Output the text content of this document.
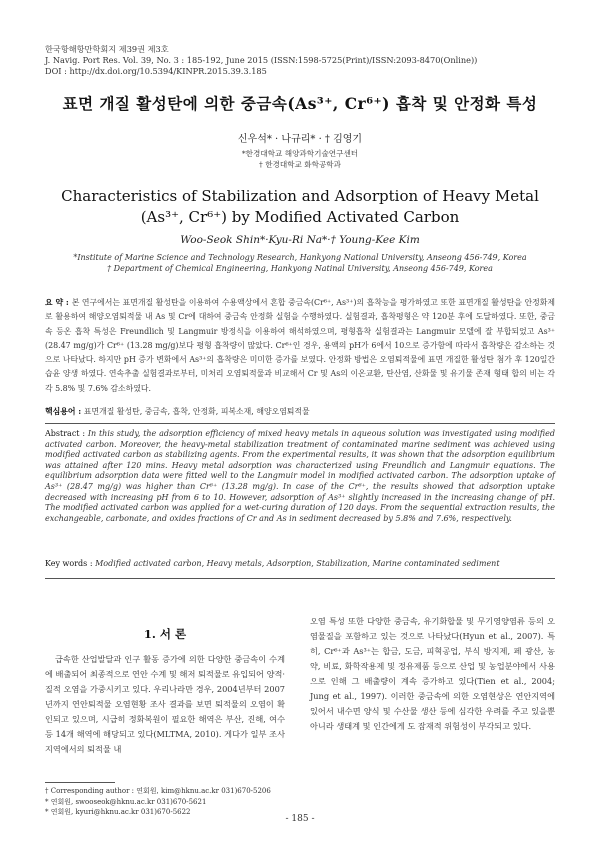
한국항해항만학회지 제39권 제3호
J. Navig. Port Res. Vol. 39, No. 3 : 185-192, June 2015 (ISSN:1598-5725(Print)/ISSN:2093-8470(Online))
DOI : http://dx.doi.org/10.5394/KINPR.2015.39.3.185
표면 개질 활성탄에 의한 중금속(As³⁺, Cr⁶⁺) 흡착 및 안정화 특성
신우석* · 나규리* · † 김영기
*한경대학교 해양과학기술연구센터
† 한경대학교 화학공학과
Characteristics of Stabilization and Adsorption of Heavy Metal (As³⁺, Cr⁶⁺) by Modified Activated Carbon
Woo-Seok Shin*·Kyu-Ri Na*·† Young-Kee Kim
*Institute of Marine Science and Technology Research, Hankyong National University, Anseong 456-749, Korea
† Department of Chemical Engineering, Hankyong Natinal University, Anseong 456-749, Korea
요 약 : 본 연구에서는 표면개질 활성탄을 이용하여 수용액상에서 혼합 중금속(Cr⁶⁺, As³⁺)의 흡착능을 평가하였고 또한 표면개질 활성탄을 안정화제로 활용하여 해양오염퇴적물 내 As 및 Cr에 대하여 중금속 안정화 실험을 수행하였다. 실험결과, 흡착평형은 약 120분 후에 도달하였다. 또한, 중금속 등온 흡착 특성은 Freundlich 및 Langmuir 방정식을 이용하여 해석하였으며, 평형흡착 실험결과는 Langmuir 모델에 잘 부합되었고 As³⁺ (28.47 mg/g)가 Cr⁶⁺ (13.28 mg/g)보다 평형 흡착량이 많았다. Cr⁶⁺인 경우, 용액의 pH가 6에서 10으로 증가함에 따라서 흡착량은 감소하는 것으로 나타났다. 하지만 pH 증가 변화에서 As³⁺의 흡착량은 미미한 증가를 보였다. 안정화 방법은 오염퇴적물에 표면 개질한 활성탄 첨가 후 120일간 습윤 양생 하였다. 연속추출 실험결과로부터, 미처리 오염퇴적물과 비교해서 Cr 및 As의 이온교환, 탄산염, 산화물 및 유기물 존재 형태 합의 비는 각각 5.8% 및 7.6% 감소하였다.
핵심용어 : 표면개질 활성탄, 중금속, 흡착, 안정화, 피복소재, 해양오염퇴적물
Abstract : In this study, the adsorption efficiency of mixed heavy metals in aqueous solution was investigated using modified activated carbon. Moreover, the heavy-metal stabilization treatment of contaminated marine sediment was achieved using modified activated carbon as stabilizing agents. From the experimental results, it was shown that the adsorption equilibrium was attained after 120 mins. Heavy metal adsorption was characterized using Freundlich and Langmuir equations. The equilibrium adsorption data were fitted well to the Langmuir model in modified activated carbon. The adsorption uptake of As³⁺ (28.47 mg/g) was higher than Cr⁶⁺ (13.28 mg/g). In case of the Cr⁶⁺, the results showed that adsorption uptake decreased with increasing pH from 6 to 10. However, adsorption of As³⁺ slightly increased in the increasing change of pH. The modified activated carbon was applied for a wet-curing duration of 120 days. From the sequential extraction results, the exchangeable, carbonate, and oxides fractions of Cr and As in sediment decreased by 5.8% and 7.6%, respectively.
Key words : Modified activated carbon, Heavy metals, Adsorption, Stabilization, Marine contaminated sediment
1. 서 론
급속한 산업발달과 인구 활동 증가에 의한 다양한 중금속이 수계에 배출되어 최종적으로 연안 수계 및 해저 퇴적물로 유입되어 양적·질적 오염을 가중시키고 있다. 우리나라만 경우, 2004년부터 2007년까지 연안퇴적물 오염현황 조사 결과를 보면 퇴적물의 오염이 확인되고 있으며, 시급히 정화복원이 필요한 해역은 부산, 진해, 여수 등 14개 해역에 해당되고 있다(MLTMA, 2010). 게다가 일부 조사 지역에서의 퇴적물 내
오염 특성 또한 다양한 중금속, 유기화합물 및 무기영양염류 등의 오염물질을 포함하고 있는 것으로 나타났다(Hyun et al., 2007). 특히, Cr⁶⁺과 As³⁺는 합금, 도금, 피혁공업, 부식 방지제, 페 광산, 농약, 비료, 화학작용제 및 정유제품 등으로 산업 및 농업분야에서 사용으로 인해 그 배출량이 계속 증가하고 있다(Tien et al., 2004; Jung et al., 1997). 이러한 중금속에 의한 오염현상은 연안지역에 있어서 내수면 양식 및 수산물 생산 등에 심각한 우려를 주고 있을뿐 아니라 생태계 및 인간에게 도 잠재적 위험성이 부각되고 있다.
† Corresponding author : 연회원, kim@hknu.ac.kr 031)670-5206
* 연회원, swooseok@hknu.ac.kr 031)670-5621
* 연회원, kyuri@hknu.ac.kr 031)670-5622
- 185 -
